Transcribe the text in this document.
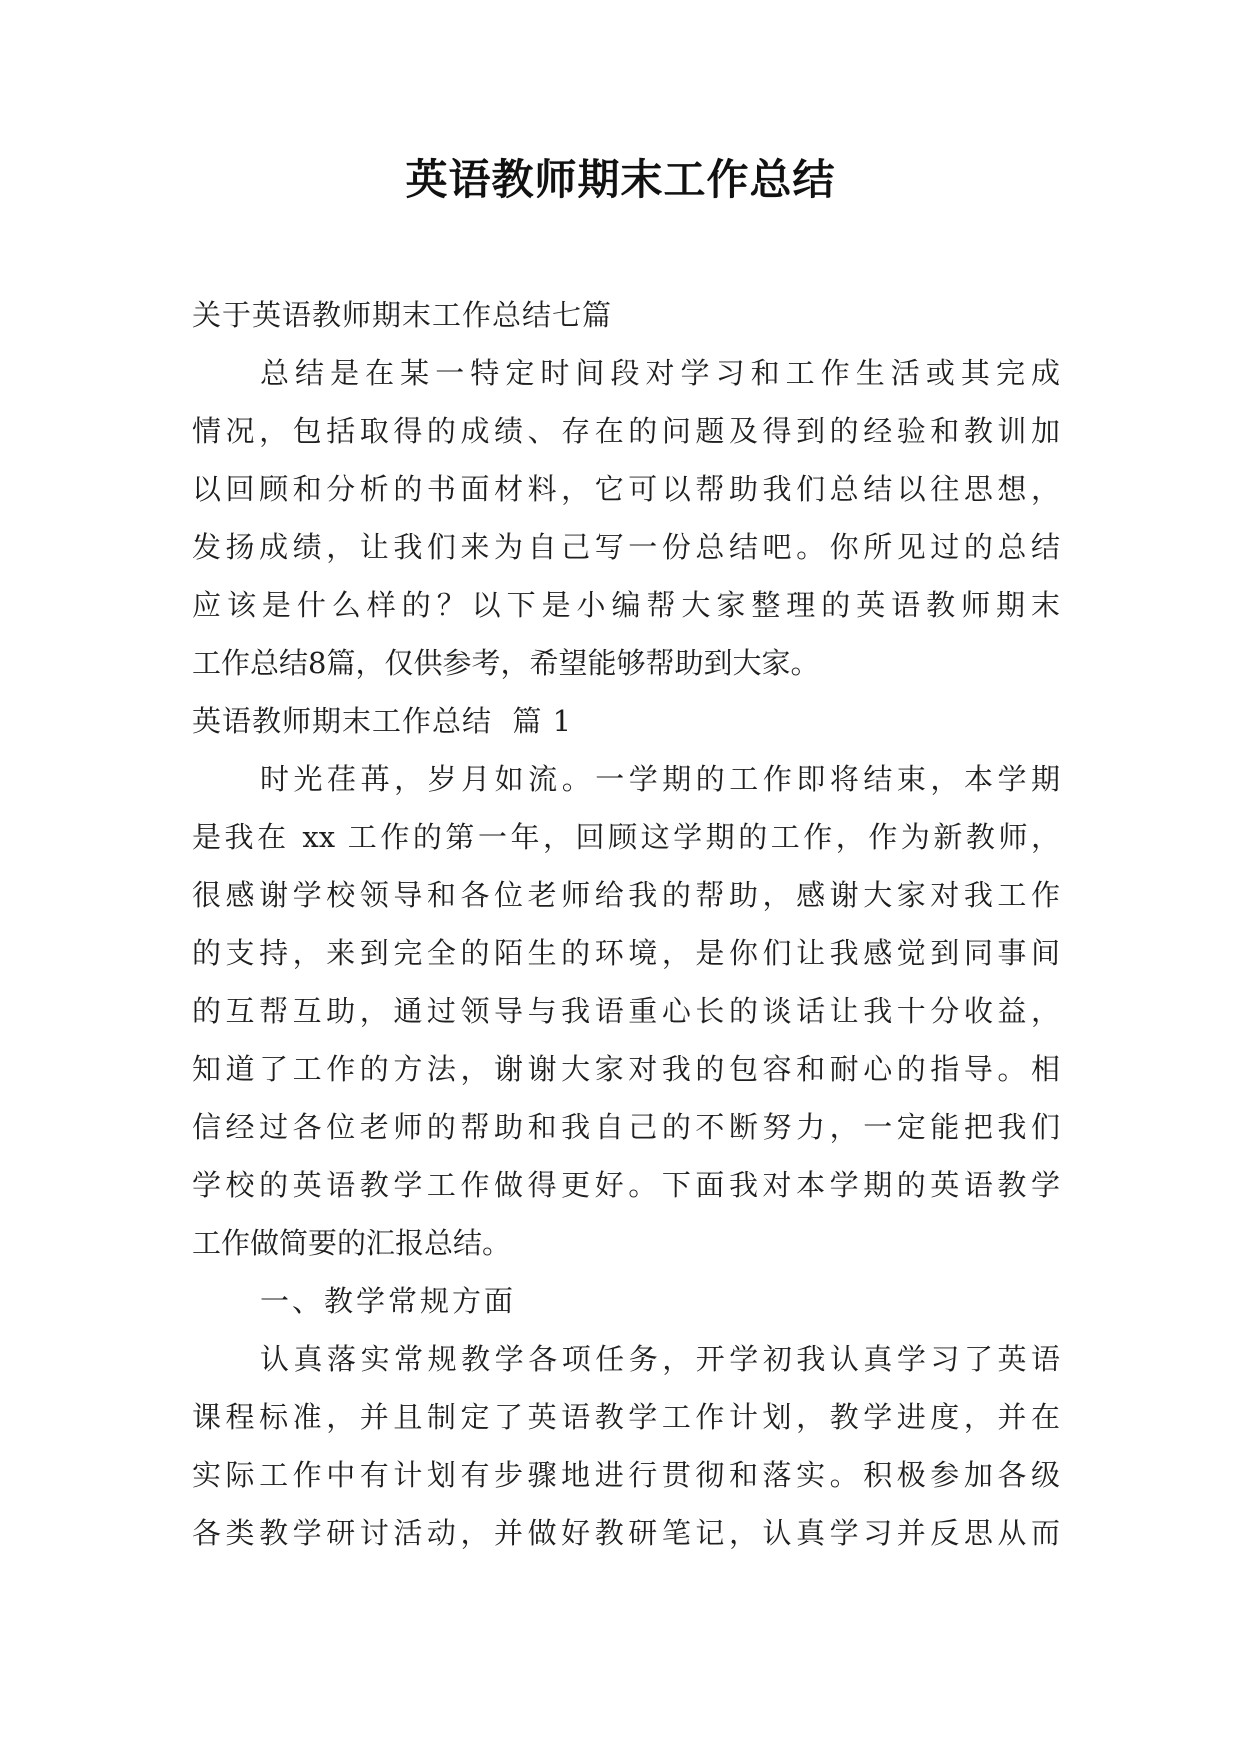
英语教师期末工作总结
关于英语教师期末工作总结七篇
总结是在某一特定时间段对学习和工作生活或其完成
情况，包括取得的成绩、存在的问题及得到的经验和教训加
以回顾和分析的书面材料，它可以帮助我们总结以往思想，
发扬成绩，让我们来为自己写一份总结吧。你所见过的总结
应该是什么样的？以下是小编帮大家整理的英语教师期末
工作总结8篇，仅供参考，希望能够帮助到大家。
英语教师期末工作总结  篇 1
时光荏苒，岁月如流。一学期的工作即将结束，本学期
是我在 xx 工作的第一年，回顾这学期的工作，作为新教师，
很感谢学校领导和各位老师给我的帮助，感谢大家对我工作
的支持，来到完全的陌生的环境，是你们让我感觉到同事间
的互帮互助，通过领导与我语重心长的谈话让我十分收益，
知道了工作的方法，谢谢大家对我的包容和耐心的指导。相
信经过各位老师的帮助和我自己的不断努力，一定能把我们
学校的英语教学工作做得更好。下面我对本学期的英语教学
工作做简要的汇报总结。
一、教学常规方面
认真落实常规教学各项任务，开学初我认真学习了英语
课程标准，并且制定了英语教学工作计划，教学进度，并在
实际工作中有计划有步骤地进行贯彻和落实。积极参加各级
各类教学研讨活动，并做好教研笔记，认真学习并反思从而
